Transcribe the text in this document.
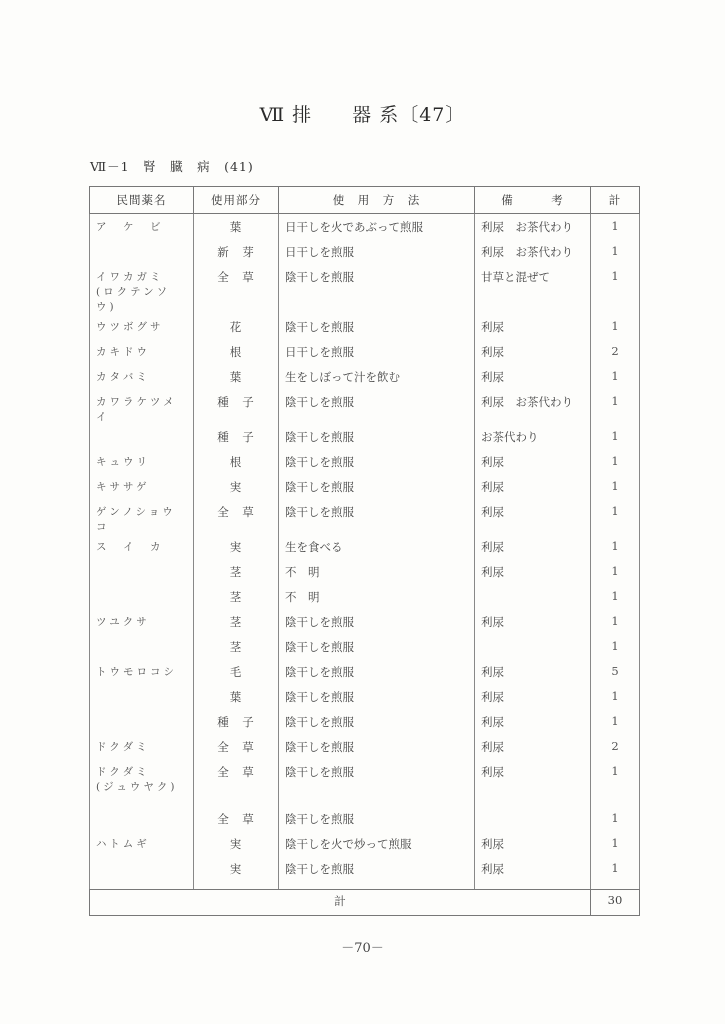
Ⅶ 排　　器 系〔47〕
Ⅶ－1　腎　臓　病　(41)
民間薬名	使用部分	使　用　方　法	備　　　考	計
ア　ケ　ビ	葉	日干しを火であぶって煎服	利尿　お茶代わり	1
	新　芽	日干しを煎服	利尿　お茶代わり	1
イワカガミ
(ロクテンソウ)	全　草	陰干しを煎服	甘草と混ぜて	1
ウツボグサ	花	陰干しを煎服	利尿	1
カキドウ	根	日干しを煎服	利尿	2
カタバミ	葉	生をしぼって汁を飲む	利尿	1
カワラケツメイ	種　子	陰干しを煎服	利尿　お茶代わり	1
	種　子	陰干しを煎服	お茶代わり	1
キュウリ	根	陰干しを煎服	利尿	1
キササゲ	実	陰干しを煎服	利尿	1
ゲンノショウコ	全　草	陰干しを煎服	利尿	1
ス　イ　カ	実	生を食べる	利尿	1
	茎	不　明	利尿	1
	茎	不　明		1
ツユクサ	茎	陰干しを煎服	利尿	1
	茎	陰干しを煎服		1
トウモロコシ	毛	陰干しを煎服	利尿	5
	葉	陰干しを煎服	利尿	1
	種　子	陰干しを煎服	利尿	1
ドクダミ	全　草	陰干しを煎服	利尿	2
ドクダミ
(ジュウヤク)	全　草	陰干しを煎服	利尿	1
	全　草	陰干しを煎服		1
ハトムギ	実	陰干しを火で炒って煎服	利尿	1
	実	陰干しを煎服	利尿	1
計				30
－70－
